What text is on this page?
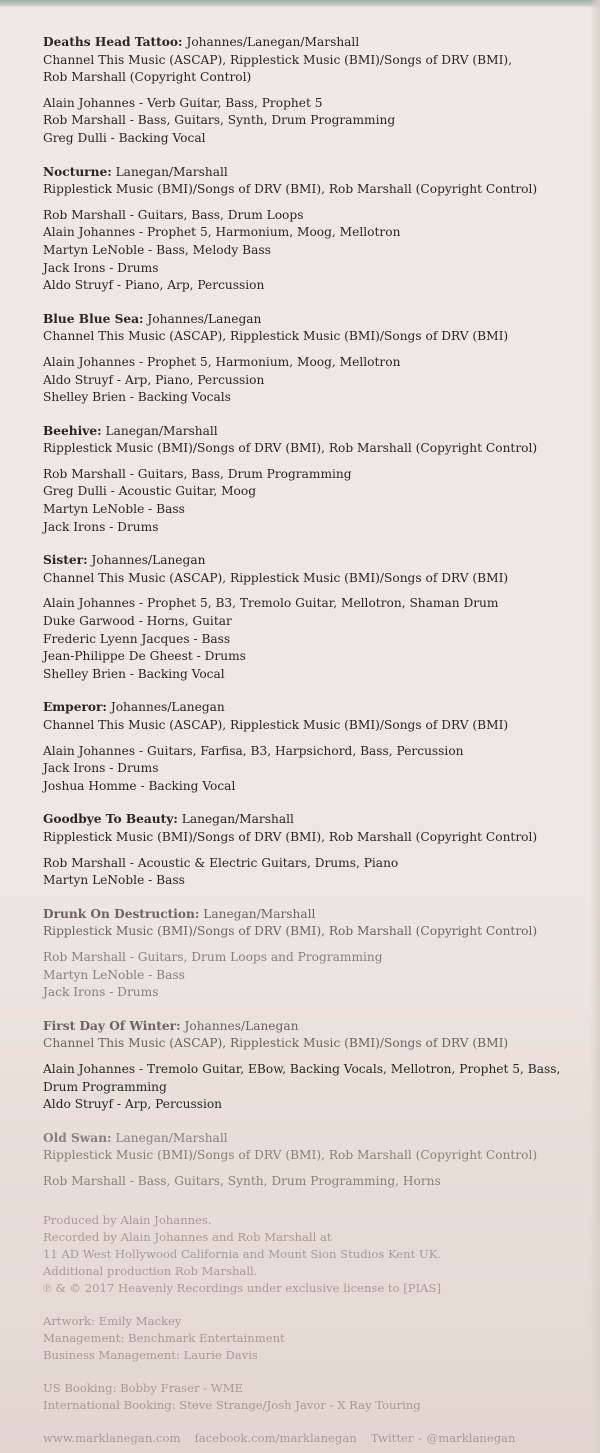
Deaths Head Tattoo: Johannes/Lanegan/Marshall
Channel This Music (ASCAP), Ripplestick Music (BMI)/Songs of DRV (BMI),
Rob Marshall (Copyright Control)
Alain Johannes - Verb Guitar, Bass, Prophet 5
Rob Marshall - Bass, Guitars, Synth, Drum Programming
Greg Dulli - Backing Vocal
Nocturne: Lanegan/Marshall
Ripplestick Music (BMI)/Songs of DRV (BMI), Rob Marshall (Copyright Control)
Rob Marshall - Guitars, Bass, Drum Loops
Alain Johannes - Prophet 5, Harmonium, Moog, Mellotron
Martyn LeNoble - Bass, Melody Bass
Jack Irons - Drums
Aldo Struyf - Piano, Arp, Percussion
Blue Blue Sea: Johannes/Lanegan
Channel This Music (ASCAP), Ripplestick Music (BMI)/Songs of DRV (BMI)
Alain Johannes - Prophet 5, Harmonium, Moog, Mellotron
Aldo Struyf - Arp, Piano, Percussion
Shelley Brien - Backing Vocals
Beehive: Lanegan/Marshall
Ripplestick Music (BMI)/Songs of DRV (BMI), Rob Marshall (Copyright Control)
Rob Marshall - Guitars, Bass, Drum Programming
Greg Dulli - Acoustic Guitar, Moog
Martyn LeNoble - Bass
Jack Irons - Drums
Sister: Johannes/Lanegan
Channel This Music (ASCAP), Ripplestick Music (BMI)/Songs of DRV (BMI)
Alain Johannes - Prophet 5, B3, Tremolo Guitar, Mellotron, Shaman Drum
Duke Garwood - Horns, Guitar
Frederic Lyenn Jacques - Bass
Jean-Philippe De Gheest - Drums
Shelley Brien - Backing Vocal
Emperor: Johannes/Lanegan
Channel This Music (ASCAP), Ripplestick Music (BMI)/Songs of DRV (BMI)
Alain Johannes - Guitars, Farfisa, B3, Harpsichord, Bass, Percussion
Jack Irons - Drums
Joshua Homme - Backing Vocal
Goodbye To Beauty: Lanegan/Marshall
Ripplestick Music (BMI)/Songs of DRV (BMI), Rob Marshall (Copyright Control)
Rob Marshall - Acoustic & Electric Guitars, Drums, Piano
Martyn LeNoble - Bass
Drunk On Destruction: Lanegan/Marshall
Ripplestick Music (BMI)/Songs of DRV (BMI), Rob Marshall (Copyright Control)
Rob Marshall - Guitars, Drum Loops and Programming
Martyn LeNoble - Bass
Jack Irons - Drums
First Day Of Winter: Johannes/Lanegan
Channel This Music (ASCAP), Ripplestick Music (BMI)/Songs of DRV (BMI)
Alain Johannes - Tremolo Guitar, EBow, Backing Vocals, Mellotron, Prophet 5, Bass, Drum Programming
Aldo Struyf - Arp, Percussion
Old Swan: Lanegan/Marshall
Ripplestick Music (BMI)/Songs of DRV (BMI), Rob Marshall (Copyright Control)
Rob Marshall - Bass, Guitars, Synth, Drum Programming, Horns
Produced by Alain Johannes.
Recorded by Alain Johannes and Rob Marshall at
11 AD West Hollywood California and Mount Sion Studios Kent UK.
Additional production Rob Marshall.
℗ & © 2017 Heavenly Recordings under exclusive license to [PIAS]
Artwork: Emily Mackey
Management: Benchmark Entertainment
Business Management: Laurie Davis
US Booking: Bobby Fraser - WME
International Booking: Steve Strange/Josh Javor - X Ray Touring
www.marklanegan.com facebook.com/marklanegan Twitter - @marklanegan
